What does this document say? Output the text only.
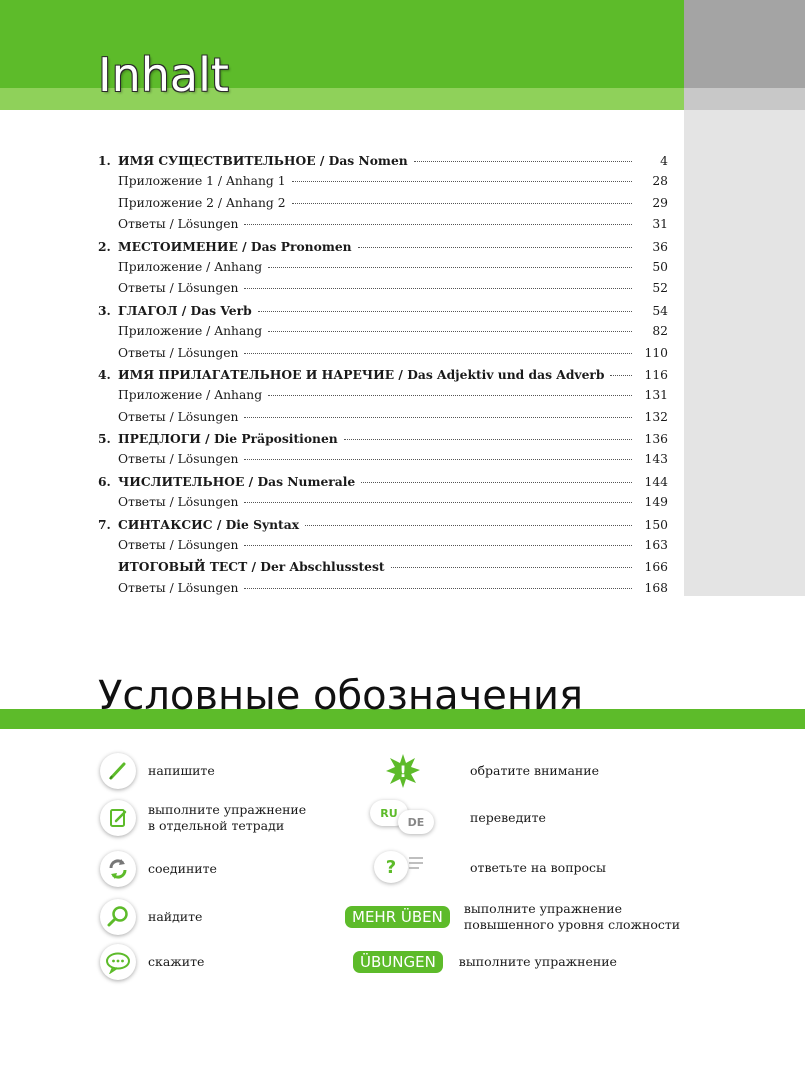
Inhalt
1. ИМЯ СУЩЕСТВИТЕЛЬНОЕ / Das Nomen	4
Приложение 1 / Anhang 1	28
Приложение 2 / Anhang 2	29
Ответы / Lösungen	31
2. МЕСТОИМЕНИЕ / Das Pronomen	36
Приложение / Anhang	50
Ответы / Lösungen	52
3. ГЛАГОЛ / Das Verb	54
Приложение / Anhang	82
Ответы / Lösungen	110
4. ИМЯ ПРИЛАГАТЕЛЬНОЕ И НАРЕЧИЕ / Das Adjektiv und das Adverb	116
Приложение / Anhang	131
Ответы / Lösungen	132
5. ПРЕДЛОГИ / Die Präpositionen	136
Ответы / Lösungen	143
6. ЧИСЛИТЕЛЬНОЕ / Das Numerale	144
Ответы / Lösungen	149
7. СИНТАКСИС / Die Syntax	150
Ответы / Lösungen	163
ИТОГОВЫЙ ТЕСТ / Der Abschlusstest	166
Ответы / Lösungen	168
Условные обозначения
напишите
выполните упражнение
в отдельной тетради
соедините
найдите
скажите
!	обратите внимание
RU
DE	переведите
?	ответьте на вопросы
MEHR ÜBEN	выполните упражнение
повышенного уровня сложности
ÜBUNGEN	выполните упражнение
